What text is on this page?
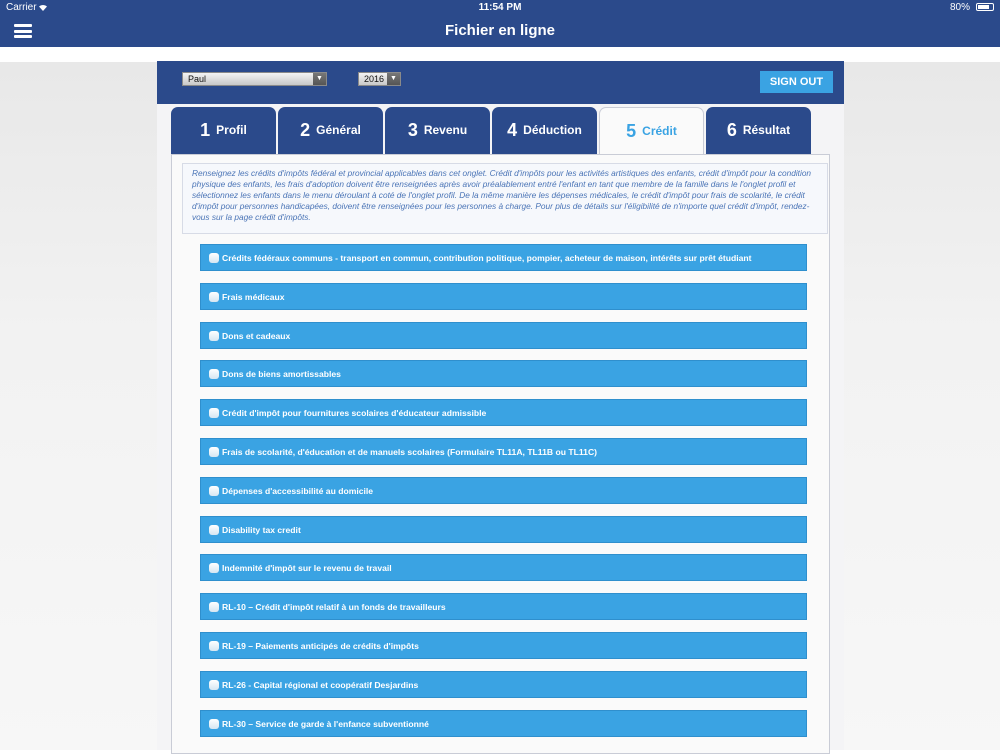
Carrier	11:54 PM	80%
Fichier en ligne
Paul	▼	2016 ▼	SIGN OUT
1 $_{Profil}$	2 $_{Général}$	3 $_{Revenu}$	4 $_{Déduction}$	5 $_{Crédit}$	6 $_{Résultat}$
Renseignez les crédits d'impôts fédéral et provincial applicables dans cet onglet. Crédit d'impôts pour les activités artistiques des enfants, crédit d'impôt pour la condition physique des enfants, les frais d'adoption doivent être renseignées après avoir préalablement entré l'enfant en tant que membre de la famille dans le l'onglet profil et sélectionnez les enfants dans le menu déroulant à coté de l'onglet profil. De la même manière les dépenses médicales, le crédit d'impôt pour frais de scolarité, le crédit d'impôt pour personnes handicapées, doivent être renseignées pour les personnes à charge. Pour plus de détails sur l'éligibilité de n'importe quel crédit d'impôt, rendez-vous sur la page crédit d'impôts.
Crédits fédéraux communs - transport en commun, contribution politique, pompier, acheteur de maison, intérêts sur prêt étudiant
Frais médicaux
Dons et cadeaux
Dons de biens amortissables
Crédit d'impôt pour fournitures scolaires d'éducateur admissible
Frais de scolarité, d'éducation et de manuels scolaires (Formulaire TL11A, TL11B ou TL11C)
Dépenses d'accessibilité au domicile
Disability tax credit
Indemnité d'impôt sur le revenu de travail
RL-10 – Crédit d'impôt relatif à un fonds de travailleurs
RL-19 – Paiements anticipés de crédits d'impôts
RL-26 - Capital régional et coopératif Desjardins
RL-30 – Service de garde à l'enfance subventionné
